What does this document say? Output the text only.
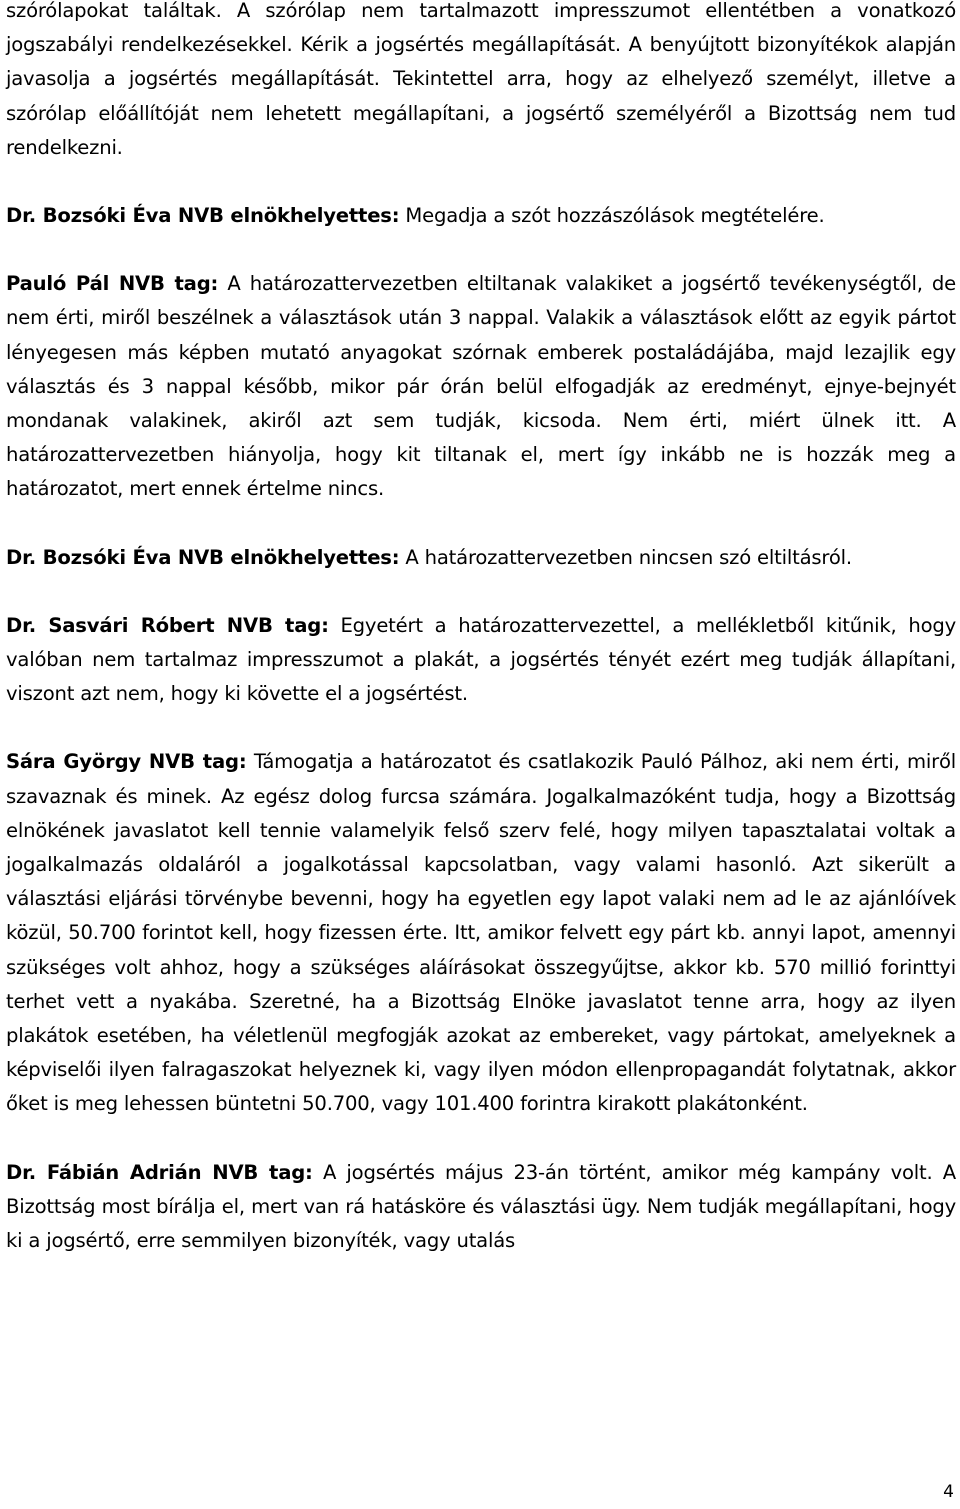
szórólapokat találtak. A szórólap nem tartalmazott impresszumot ellentétben a vonatkozó jogszabályi rendelkezésekkel. Kérik a jogsértés megállapítását. A benyújtott bizonyítékok alapján javasolja a jogsértés megállapítását. Tekintettel arra, hogy az elhelyező személyt, illetve a szórólap előállítóját nem lehetett megállapítani, a jogsértő személyéről a Bizottság nem tud rendelkezni.

Dr. Bozsóki Éva NVB elnökhelyettes: Megadja a szót hozzászólások megtételére.

Pauló Pál NVB tag: A határozattervezetben eltiltanak valakiket a jogsértő tevékenységtől, de nem érti, miről beszélnek a választások után 3 nappal. Valakik a választások előtt az egyik pártot lényegesen más képben mutató anyagokat szórnak emberek postaládájába, majd lezajlik egy választás és 3 nappal később, mikor pár órán belül elfogadják az eredményt, ejnye-bejnyét mondanak valakinek, akiről azt sem tudják, kicsoda. Nem érti, miért ülnek itt. A határozattervezetben hiányolja, hogy kit tiltanak el, mert így inkább ne is hozzák meg a határozatot, mert ennek értelme nincs.

Dr. Bozsóki Éva NVB elnökhelyettes: A határozattervezetben nincsen szó eltiltásról.

Dr. Sasvári Róbert NVB tag: Egyetért a határozattervezettel, a mellékletből kitűnik, hogy valóban nem tartalmaz impresszumot a plakát, a jogsértés tényét ezért meg tudják állapítani, viszont azt nem, hogy ki követte el a jogsértést.

Sára György NVB tag: Támogatja a határozatot és csatlakozik Pauló Pálhoz, aki nem érti, miről szavaznak és minek. Az egész dolog furcsa számára. Jogalkalmazóként tudja, hogy a Bizottság elnökének javaslatot kell tennie valamelyik felső szerv felé, hogy milyen tapasztalatai voltak a jogalkalmazás oldaláról a jogalkotással kapcsolatban, vagy valami hasonló. Azt sikerült a választási eljárási törvénybe bevenni, hogy ha egyetlen egy lapot valaki nem ad le az ajánlóívek közül, 50.700 forintot kell, hogy fizessen érte. Itt, amikor felvett egy párt kb. annyi lapot, amennyi szükséges volt ahhoz, hogy a szükséges aláírásokat összegyűjtse, akkor kb. 570 millió forinttyi terhet vett a nyakába. Szeretné, ha a Bizottság Elnöke javaslatot tenne arra, hogy az ilyen plakátok esetében, ha véletlenül megfogják azokat az embereket, vagy pártokat, amelyeknek a képviselői ilyen falragaszokat helyeznek ki, vagy ilyen módon ellenpropagandát folytatnak, akkor őket is meg lehessen büntetni 50.700, vagy 101.400 forintra kirakott plakátonként.

Dr. Fábián Adrián NVB tag: A jogsértés május 23-án történt, amikor még kampány volt. A Bizottság most bírálja el, mert van rá hatásköre és választási ügy. Nem tudják megállapítani, hogy ki a jogsértő, erre semmilyen bizonyíték, vagy utalás

4
